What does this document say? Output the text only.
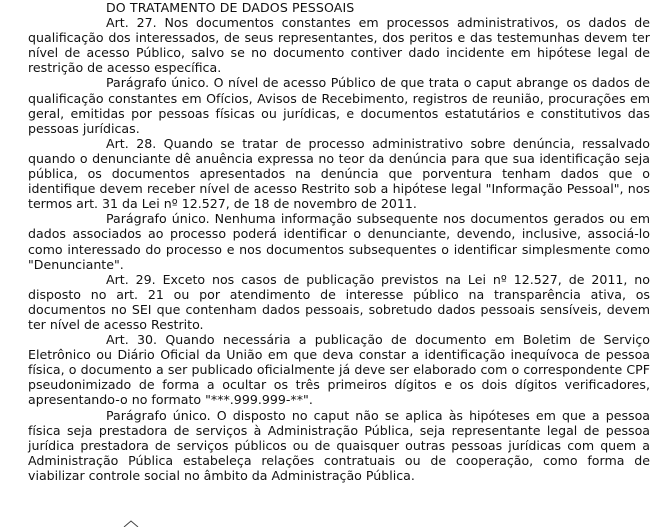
DO TRATAMENTO DE DADOS PESSOAIS

Art. 27. Nos documentos constantes em processos administrativos, os dados de qualificação dos interessados, de seus representantes, dos peritos e das testemunhas devem ter nível de acesso Público, salvo se no documento contiver dado incidente em hipótese legal de restrição de acesso específica.

Parágrafo único. O nível de acesso Público de que trata o caput abrange os dados de qualificação constantes em Ofícios, Avisos de Recebimento, registros de reunião, procurações em geral, emitidas por pessoas físicas ou jurídicas, e documentos estatutários e constitutivos das pessoas jurídicas.

Art. 28. Quando se tratar de processo administrativo sobre denúncia, ressalvado quando o denunciante dê anuência expressa no teor da denúncia para que sua identificação seja pública, os documentos apresentados na denúncia que porventura tenham dados que o identifique devem receber nível de acesso Restrito sob a hipótese legal "Informação Pessoal", nos termos art. 31 da Lei nº 12.527, de 18 de novembro de 2011.

Parágrafo único. Nenhuma informação subsequente nos documentos gerados ou em dados associados ao processo poderá identificar o denunciante, devendo, inclusive, associá-lo como interessado do processo e nos documentos subsequentes o identificar simplesmente como "Denunciante".

Art. 29. Exceto nos casos de publicação previstos na Lei nº 12.527, de 2011, no disposto no art. 21 ou por atendimento de interesse público na transparência ativa, os documentos no SEI que contenham dados pessoais, sobretudo dados pessoais sensíveis, devem ter nível de acesso Restrito.

Art. 30. Quando necessária a publicação de documento em Boletim de Serviço Eletrônico ou Diário Oficial da União em que deva constar a identificação inequívoca de pessoa física, o documento a ser publicado oficialmente já deve ser elaborado com o correspondente CPF pseudonimizado de forma a ocultar os três primeiros dígitos e os dois dígitos verificadores, apresentando-o no formato "***.999.999-**".

Parágrafo único. O disposto no caput não se aplica às hipóteses em que a pessoa física seja prestadora de serviços à Administração Pública, seja representante legal de pessoa jurídica prestadora de serviços públicos ou de quaisquer outras pessoas jurídicas com quem a Administração Pública estabeleça relações contratuais ou de cooperação, como forma de viabilizar controle social no âmbito da Administração Pública.
